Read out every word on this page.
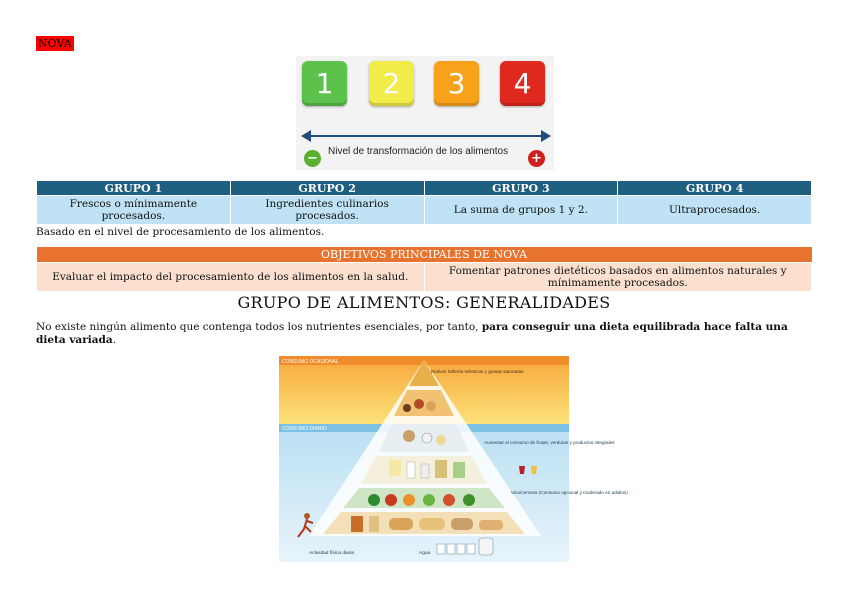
NOVA
1	2	3	4
−	Nivel de transformación de los alimentos +
GRUPO 1	GRUPO 2	GRUPO 3	GRUPO 4
Frescos o mínimamente procesados.	Ingredientes culinarios procesados.	La suma de grupos 1 y 2.	Ultraprocesados.
Basado en el nivel de procesamiento de los alimentos.
OBJETIVOS PRINCIPALES DE NOVA
Evaluar el impacto del procesamiento de los alimentos en la salud.	Fomentar patrones dietéticos basados en alimentos naturales y mínimamente procesados.
GRUPO DE ALIMENTOS: GENERALIDADES
No existe ningún alimento que contenga todos los nutrientes esenciales, por tanto, para conseguir una dieta equilibrada hace falta una dieta variada.
CONSUMO OCASIONAL
CONSUMO DIARIO
Reducir bollería refrescos y grasas saturadas
Aumentar el consumo de frutas, verduras y productos integrales
Vino/cerveza (Consumo opcional y moderado en adultos)
Actividad física diaria	Agua
